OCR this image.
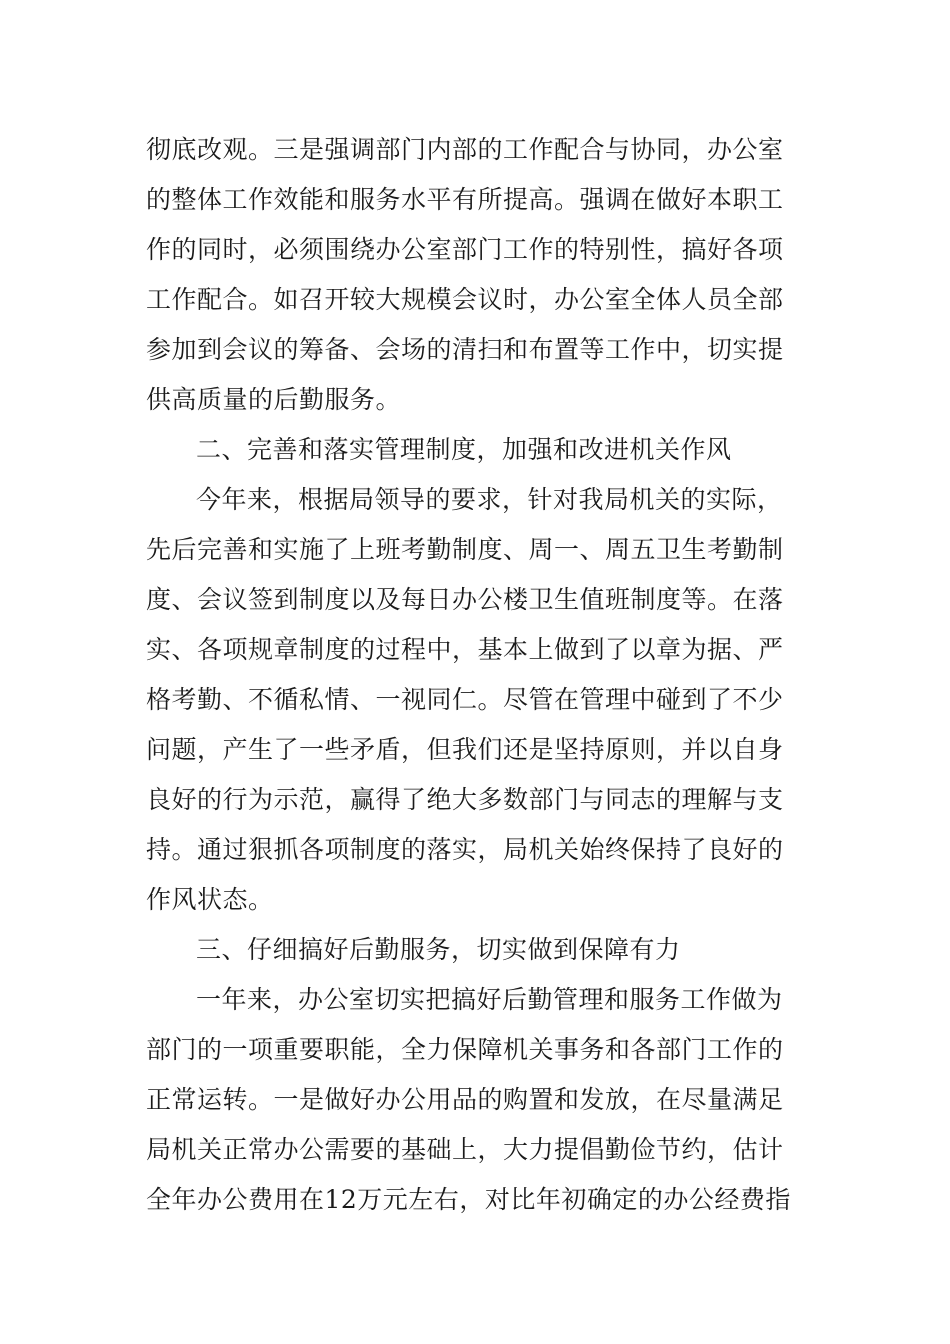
彻底改观。三是强调部门内部的工作配合与协同，办公室
的整体工作效能和服务水平有所提高。强调在做好本职工
作的同时，必须围绕办公室部门工作的特别性，搞好各项
工作配合。如召开较大规模会议时，办公室全体人员全部
参加到会议的筹备、会场的清扫和布置等工作中，切实提
供高质量的后勤服务。
二、完善和落实管理制度，加强和改进机关作风
今年来，根据局领导的要求，针对我局机关的实际，
先后完善和实施了上班考勤制度、周一、周五卫生考勤制
度、会议签到制度以及每日办公楼卫生值班制度等。在落
实、各项规章制度的过程中，基本上做到了以章为据、严
格考勤、不循私情、一视同仁。尽管在管理中碰到了不少
问题，产生了一些矛盾，但我们还是坚持原则，并以自身
良好的行为示范，赢得了绝大多数部门与同志的理解与支
持。通过狠抓各项制度的落实，局机关始终保持了良好的
作风状态。
三、仔细搞好后勤服务，切实做到保障有力
一年来，办公室切实把搞好后勤管理和服务工作做为
部门的一项重要职能，全力保障机关事务和各部门工作的
正常运转。一是做好办公用品的购置和发放，在尽量满足
局机关正常办公需要的基础上，大力提倡勤俭节约，估计
全年办公费用在12万元左右，对比年初确定的办公经费指
